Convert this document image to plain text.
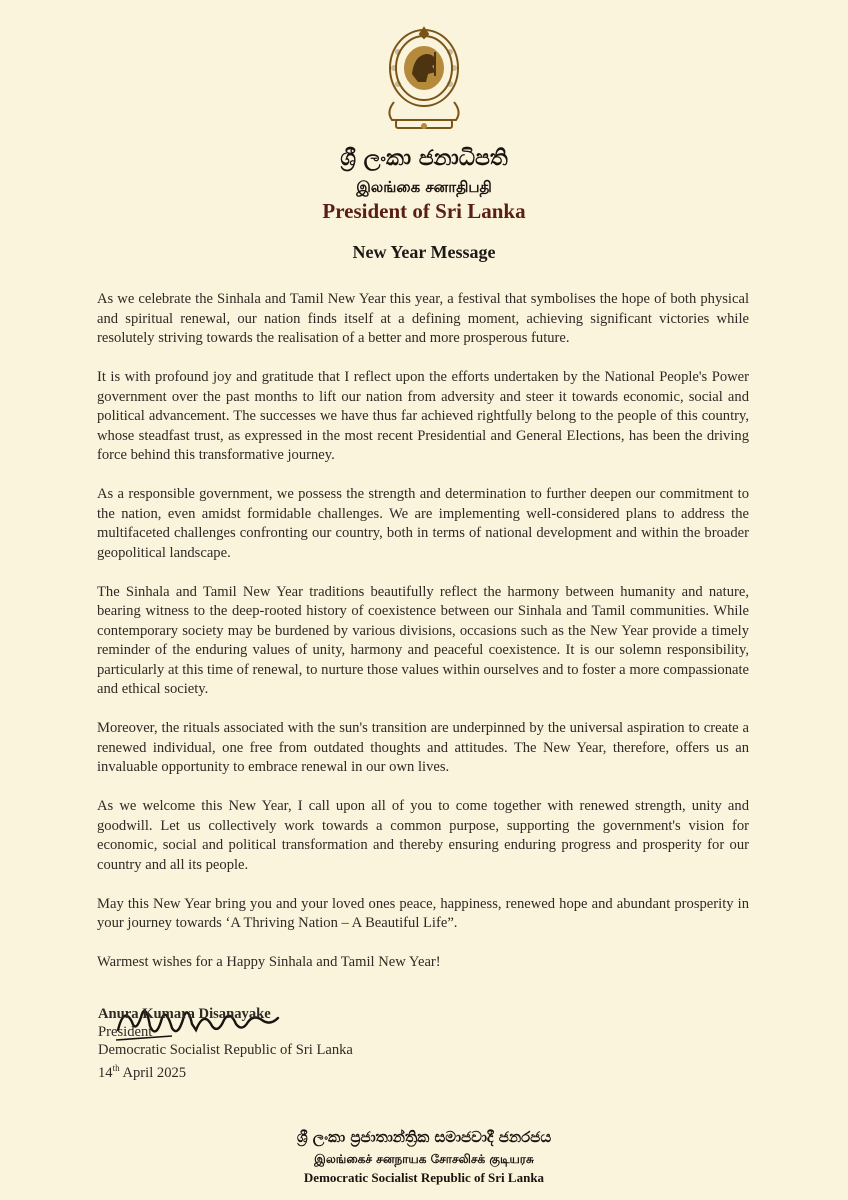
ශ්‍රී ලංකා ජනාධිපති
இலங்கை சனாதிபதி
President of Sri Lanka
New Year Message

As we celebrate the Sinhala and Tamil New Year this year, a festival that symbolises the hope of both physical and spiritual renewal, our nation finds itself at a defining moment, achieving significant victories while resolutely striving towards the realisation of a better and more prosperous future.

It is with profound joy and gratitude that I reflect upon the efforts undertaken by the National People's Power government over the past months to lift our nation from adversity and steer it towards economic, social and political advancement. The successes we have thus far achieved rightfully belong to the people of this country, whose steadfast trust, as expressed in the most recent Presidential and General Elections, has been the driving force behind this transformative journey.

As a responsible government, we possess the strength and determination to further deepen our commitment to the nation, even amidst formidable challenges. We are implementing well-considered plans to address the multifaceted challenges confronting our country, both in terms of national development and within the broader geopolitical landscape.

The Sinhala and Tamil New Year traditions beautifully reflect the harmony between humanity and nature, bearing witness to the deep-rooted history of coexistence between our Sinhala and Tamil communities. While contemporary society may be burdened by various divisions, occasions such as the New Year provide a timely reminder of the enduring values of unity, harmony and peaceful coexistence. It is our solemn responsibility, particularly at this time of renewal, to nurture those values within ourselves and to foster a more compassionate and ethical society.

Moreover, the rituals associated with the sun's transition are underpinned by the universal aspiration to create a renewed individual, one free from outdated thoughts and attitudes. The New Year, therefore, offers us an invaluable opportunity to embrace renewal in our own lives.

As we welcome this New Year, I call upon all of you to come together with renewed strength, unity and goodwill. Let us collectively work towards a common purpose, supporting the government's vision for economic, social and political transformation and thereby ensuring enduring progress and prosperity for our country and all its people.

May this New Year bring you and your loved ones peace, happiness, renewed hope and abundant prosperity in your journey towards ‘A Thriving Nation – A Beautiful Life”.

Warmest wishes for a Happy Sinhala and Tamil New Year!

Anura Kumara Disanayake
President
Democratic Socialist Republic of Sri Lanka
14th April 2025
ශ්‍රී ලංකා ප්‍රජාතාන්ත්‍රික සමාජවාදී ජනරජය
இலங்கைச் சனநாயக சோசலிசக் குடியரசு
Democratic Socialist Republic of Sri Lanka
